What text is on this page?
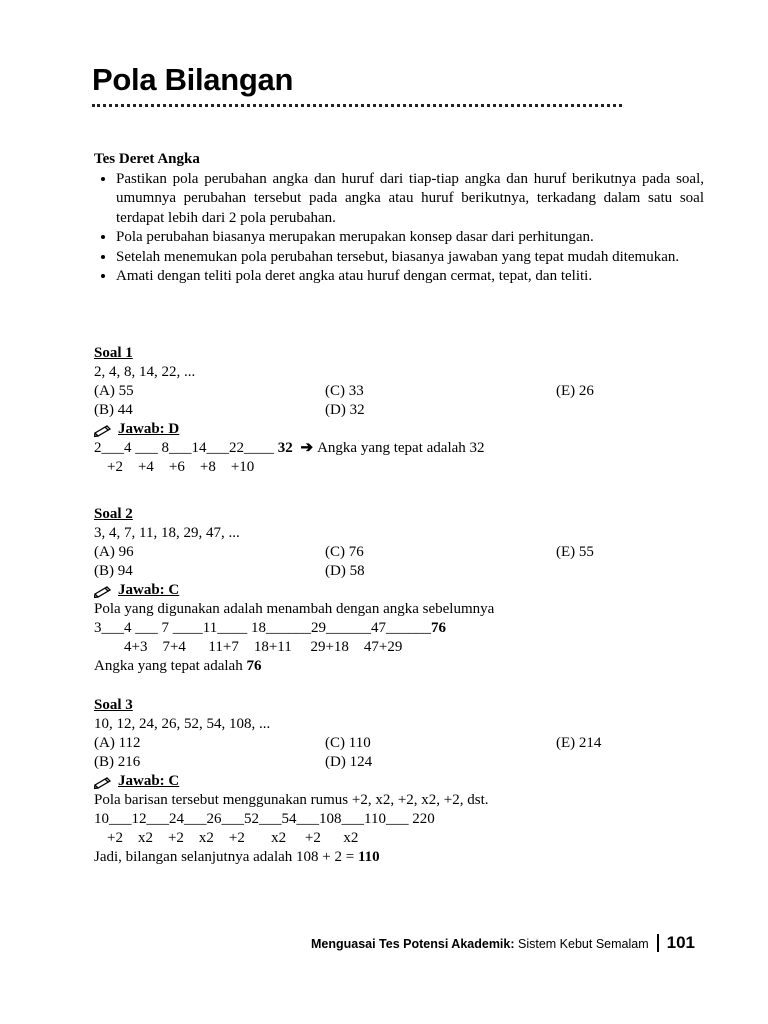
Pola Bilangan
Tes Deret Angka
• Pastikan pola perubahan angka dan huruf dari tiap-tiap angka dan huruf berikutnya pada soal, umumnya perubahan tersebut pada angka atau huruf berikutnya, terkadang dalam satu soal terdapat lebih dari 2 pola perubahan.
• Pola perubahan biasanya merupakan merupakan konsep dasar dari perhitungan.
• Setelah menemukan pola perubahan tersebut, biasanya jawaban yang tepat mudah ditemukan.
• Amati dengan teliti pola deret angka atau huruf dengan cermat, tepat, dan teliti.
Soal 1
2, 4, 8, 14, 22, ...
(A) 55
(B) 44
(C) 33
(D) 32
(E) 26
Jawab: D
2___4 ___ 8___14___22____ 32 ➔ Angka yang tepat adalah 32
+2    +4    +6    +8    +10
Soal 2
3, 4, 7, 11, 18, 29, 47, ...
(A) 96
(B) 94
(C) 76
(D) 58
(E) 55
Jawab: C
Pola yang digunakan adalah menambah dengan angka sebelumnya
3___4 ___ 7 ____11____ 18______29______47______76
4+3    7+4      11+7    18+11     29+18    47+29
Angka yang tepat adalah 76
Soal 3
10, 12, 24, 26, 52, 54, 108, ...
(A) 112
(B) 216
(C) 110
(D) 124
(E) 214
Jawab: C
Pola barisan tersebut menggunakan rumus +2, x2, +2, x2, +2, dst.
10___12___24___26___52___54___108___110___ 220
+2    x2    +2    x2    +2       x2     +2      x2
Jadi, bilangan selanjutnya adalah 108 + 2 = 110
Menguasai Tes Potensi Akademik: Sistem Kebut Semalam 101
